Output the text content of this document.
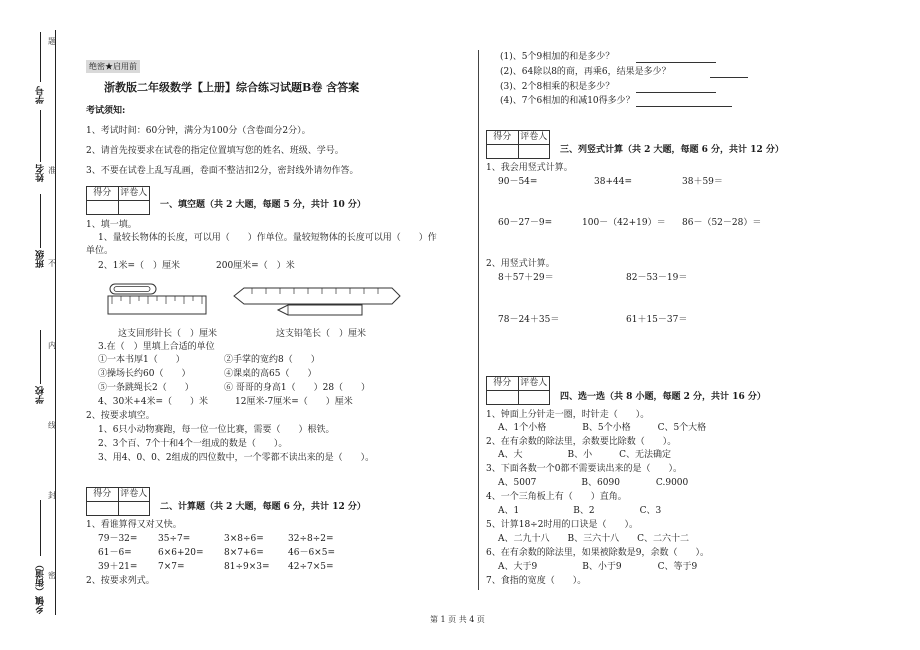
学号
姓名
班级
学校
乡镇（街道）
题
准
不
内
线
封
密
绝密★启用前
浙教版二年级数学【上册】综合练习试题B卷 含答案
考试须知:
1、考试时间：60分钟，满分为100分（含卷面分2分）。
2、请首先按要求在试卷的指定位置填写您的姓名、班级、学号。
3、不要在试卷上乱写乱画，卷面不整洁扣2分，密封线外请勿作答。
得分 评卷人
一、填空题（共 2 大题，每题 5 分，共计 10 分）
1、填一填。
1、量较长物体的长度，可以用（　　）作单位。量较短物体的长度可以用（　　）作
单位。
2、1米=（　）厘米　　　　200厘米=（　）米
这支回形针长（　）厘米	这支铅笔长（　）厘米
3.在（　）里填上合适的单位
①一本书厚1（　　）	②手掌的宽约8（　　）
③操场长约60（　　）	④课桌的高65（　　）
⑤一条跳绳长2（　　）	⑥ 哥哥的身高1（　　）28（　　）
4、30米+4米=（　　）米　　　12厘米-7厘米=（　　）厘米
2、按要求填空。
1、6只小动物赛跑，每一位一位比赛，需要（　　）根铁。
2、3个百、7个十和4个一组成的数是（　　）。
3、用4、0、0、2组成的四位数中，一个零都不读出来的是（　　）。
得分 评卷人
二、计算题（共 2 大题，每题 6 分，共计 12 分）
1、看谁算得又对又快。
79－32= 35÷7=	3×8÷6=	32÷8÷2=
61－6=	6×6+20= 8×7+6=	46－6×5=
39＋21= 7×7=	81÷9×3= 42÷7×5=
2、按要求列式。
(1)、5个9相加的和是多少？
(2)、64除以8的商，再乘6，结果是多少？
(3)、2个8相乘的积是多少？
(4)、7个6相加的和减10得多少？
得分 评卷人
三、列竖式计算（共 2 大题，每题 6 分，共计 12 分）
1、我会用竖式计算。
90－54=	38+44=	38＋59＝
60－27－9=	100－（42+19）＝ 86－（52－28）＝
2、用竖式计算。
8＋57＋29＝	82－53－19＝
78－24＋35＝	61＋15－37＝
得分 评卷人
四、选一选（共 8 小题，每题 2 分，共计 16 分）
1、钟面上分针走一圈，时针走（　　）。
A、1个小格　　　　B、5个小格　　　C、5个大格
2、在有余数的除法里，余数要比除数（　　）。
A、大　　　　　B、小　　　C、无法确定
3、下面各数一个0都不需要读出来的是（　　）。
A、5007　　　　　B、6090　　　　C.9000
4、一个三角板上有（　　）直角。
A、1　　　　　　B、2　　　　　C、3
5、计算18÷2时用的口诀是（　　）。
A、二九十八　　B、三六十八　　C、二六十二
6、在有余数的除法里，如果被除数是9，余数（　　）。
A、大于9　　　　　B、小于9　　　　C、等于9
7、食指的宽度（　　）。
第 1 页 共 4 页
